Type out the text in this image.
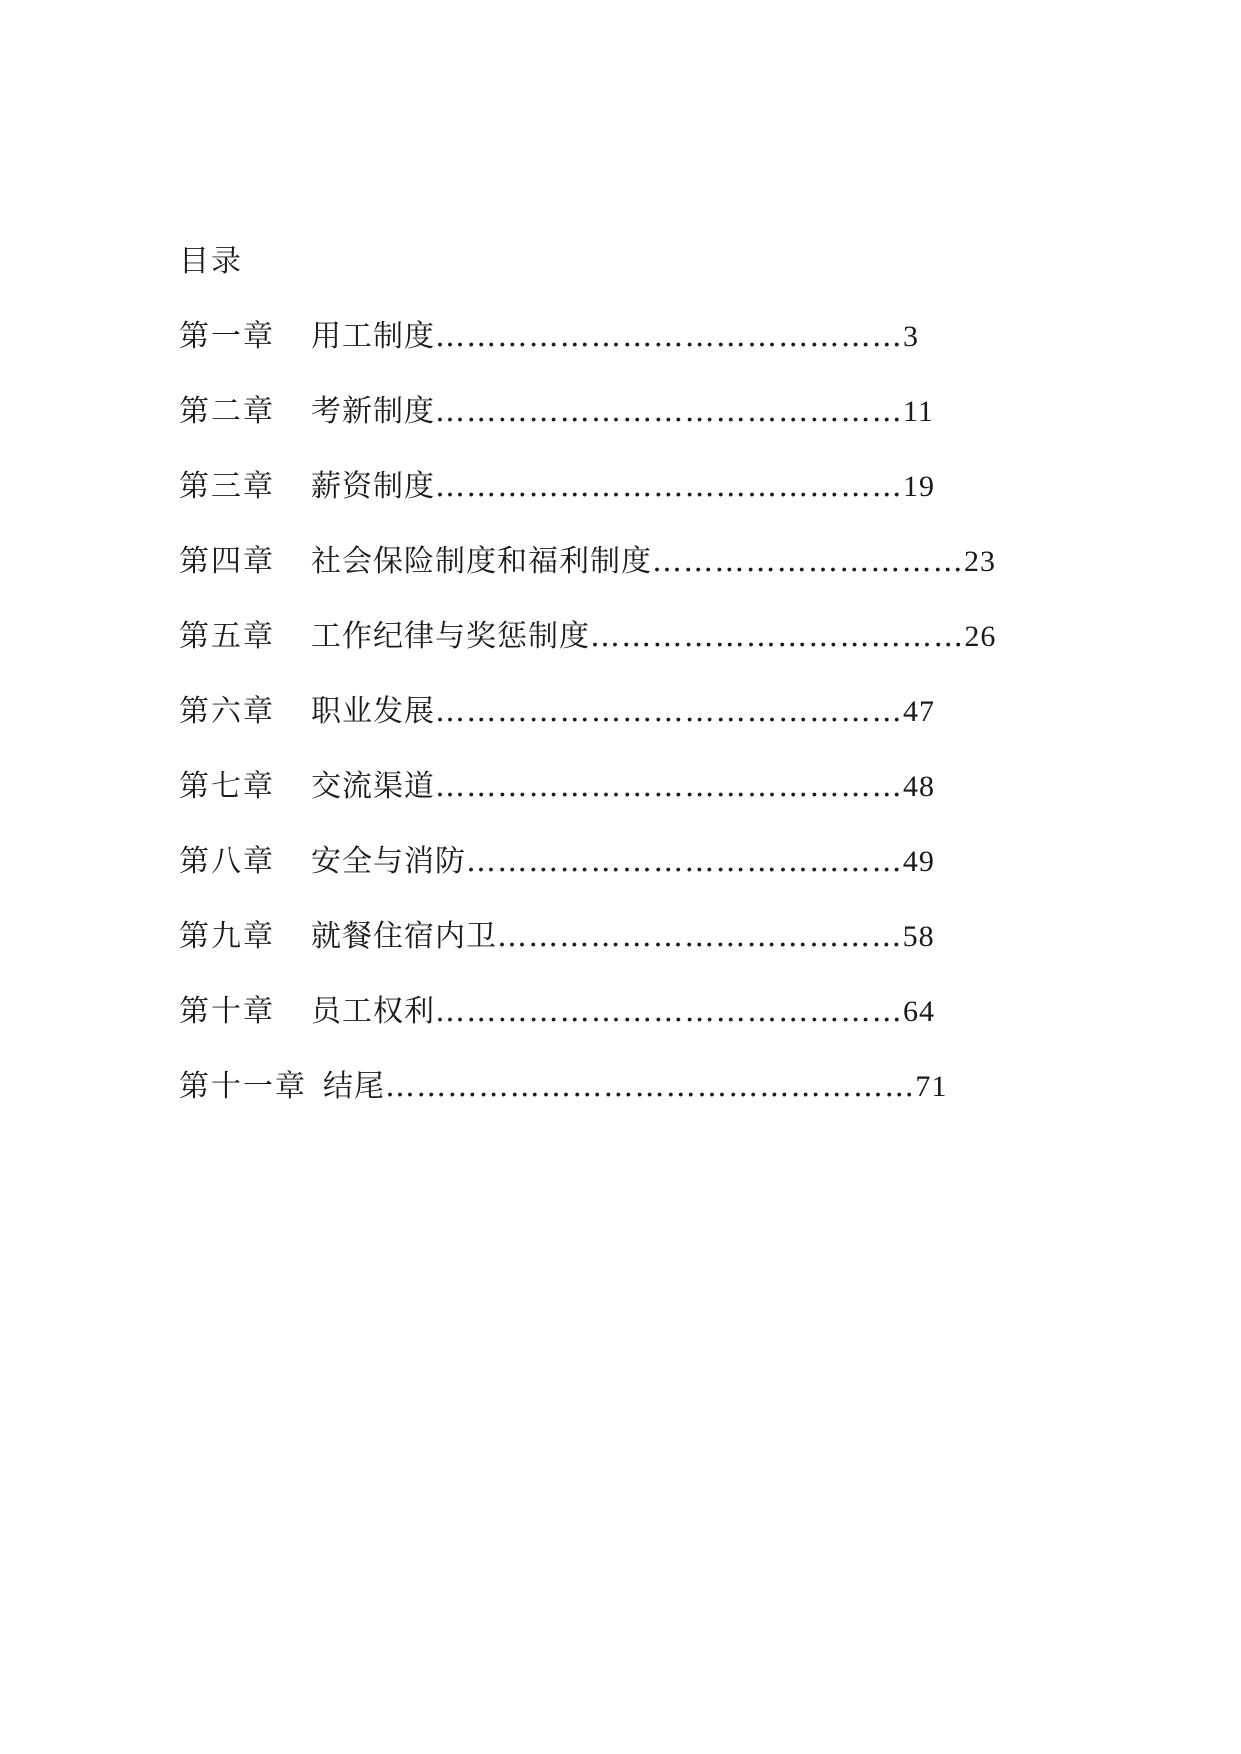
目录
第一章 用工制度………………………………………3
第二章 考新制度………………………………………11
第三章 薪资制度………………………………………19
第四章 社会保险制度和福利制度…………………………23
第五章 工作纪律与奖惩制度………………………………26
第六章 职业发展………………………………………47
第七章 交流渠道………………………………………48
第八章 安全与消防……………………………………49
第九章 就餐住宿内卫…………………………………58
第十章 员工权利………………………………………64
第十一章 结尾……………………………………………71
